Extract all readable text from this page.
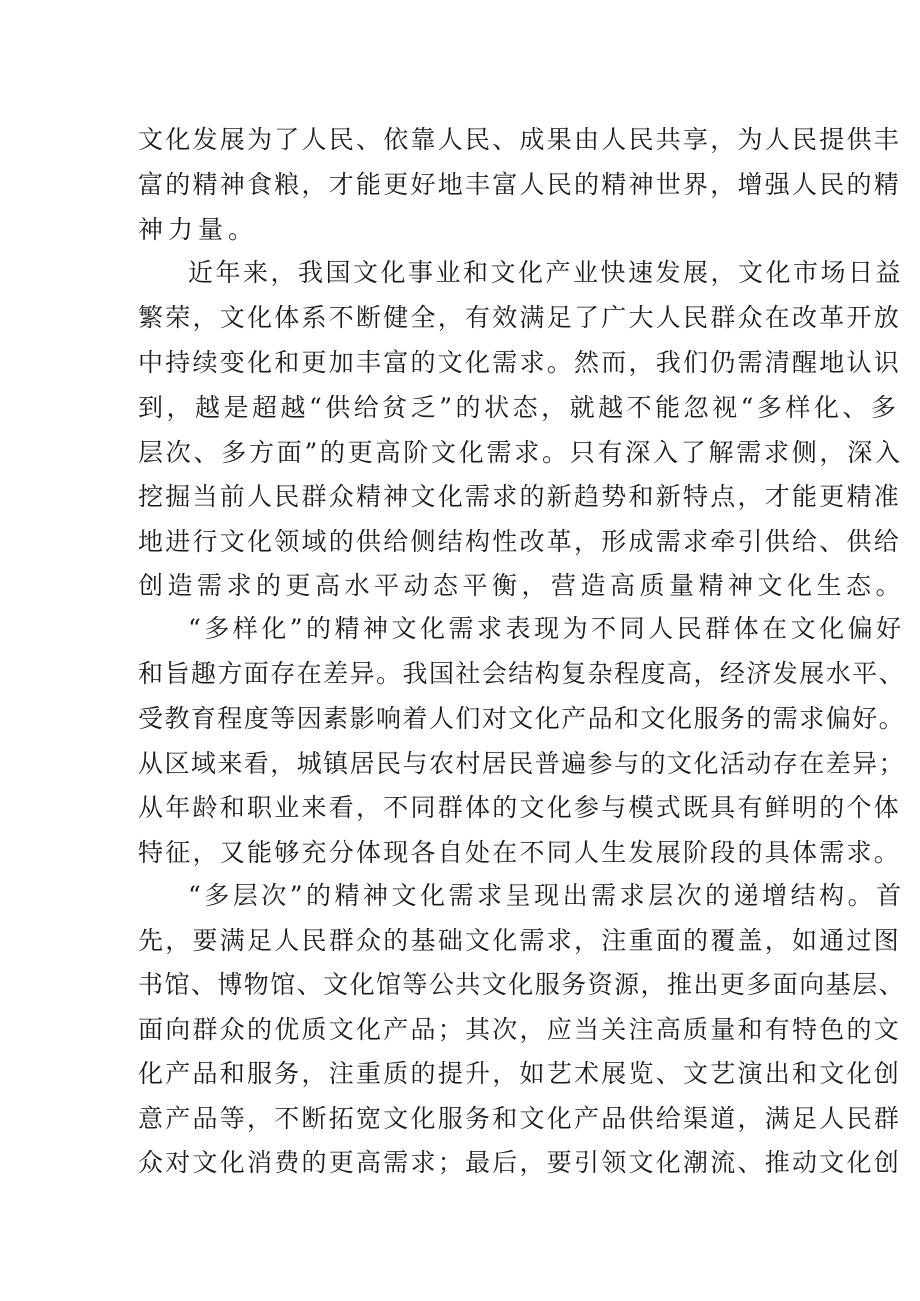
文化发展为了人民、依靠人民、成果由人民共享，为人民提供丰

富的精神食粮，才能更好地丰富人民的精神世界，增强人民的精

神力量。

近年来，我国文化事业和文化产业快速发展，文化市场日益

繁荣，文化体系不断健全，有效满足了广大人民群众在改革开放

中持续变化和更加丰富的文化需求。然而，我们仍需清醒地认识

到，越是超越“供给贫乏”的状态，就越不能忽视“多样化、多

层次、多方面”的更高阶文化需求。只有深入了解需求侧，深入

挖掘当前人民群众精神文化需求的新趋势和新特点，才能更精准

地进行文化领域的供给侧结构性改革，形成需求牵引供给、供给

创造需求的更高水平动态平衡，营造高质量精神文化生态。

“多样化”的精神文化需求表现为不同人民群体在文化偏好

和旨趣方面存在差异。我国社会结构复杂程度高，经济发展水平、

受教育程度等因素影响着人们对文化产品和文化服务的需求偏好。

从区域来看，城镇居民与农村居民普遍参与的文化活动存在差异；

从年龄和职业来看，不同群体的文化参与模式既具有鲜明的个体

特征，又能够充分体现各自处在不同人生发展阶段的具体需求。

“多层次”的精神文化需求呈现出需求层次的递增结构。首

先，要满足人民群众的基础文化需求，注重面的覆盖，如通过图

书馆、博物馆、文化馆等公共文化服务资源，推出更多面向基层、

面向群众的优质文化产品；其次，应当关注高质量和有特色的文

化产品和服务，注重质的提升，如艺术展览、文艺演出和文化创

意产品等，不断拓宽文化服务和文化产品供给渠道，满足人民群

众对文化消费的更高需求；最后，要引领文化潮流、推动文化创
